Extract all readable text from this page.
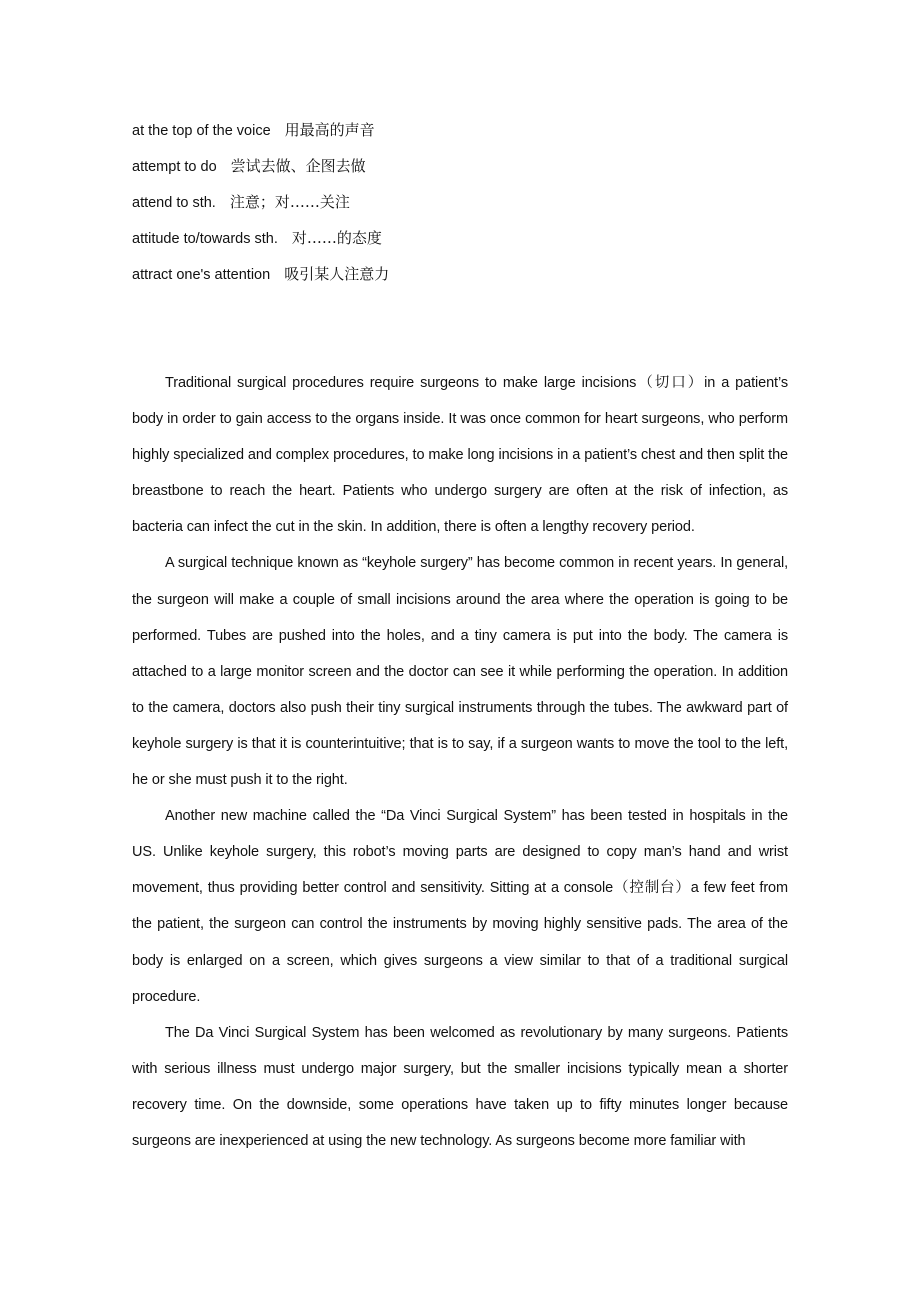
at the top of the voice 用最高的声音
attempt to do 尝试去做、企图去做
attend to sth. 注意；对……关注
attitude to/towards sth. 对……的态度
attract one's attention 吸引某人注意力

Traditional surgical procedures require surgeons to make large incisions（切口）in a patient’s body in order to gain access to the organs inside. It was once common for heart surgeons, who perform highly specialized and complex procedures, to make long incisions in a patient’s chest and then split the breastbone to reach the heart. Patients who undergo surgery are often at the risk of infection, as bacteria can infect the cut in the skin. In addition, there is often a lengthy recovery period.

A surgical technique known as “keyhole surgery” has become common in recent years. In general, the surgeon will make a couple of small incisions around the area where the operation is going to be performed. Tubes are pushed into the holes, and a tiny camera is put into the body. The camera is attached to a large monitor screen and the doctor can see it while performing the operation. In addition to the camera, doctors also push their tiny surgical instruments through the tubes. The awkward part of keyhole surgery is that it is counterintuitive; that is to say, if a surgeon wants to move the tool to the left, he or she must push it to the right.

Another new machine called the “Da Vinci Surgical System” has been tested in hospitals in the US. Unlike keyhole surgery, this robot’s moving parts are designed to copy man’s hand and wrist movement, thus providing better control and sensitivity. Sitting at a console（控制台）a few feet from the patient, the surgeon can control the instruments by moving highly sensitive pads. The area of the body is enlarged on a screen, which gives surgeons a view similar to that of a traditional surgical procedure.

The Da Vinci Surgical System has been welcomed as revolutionary by many surgeons. Patients with serious illness must undergo major surgery, but the smaller incisions typically mean a shorter recovery time. On the downside, some operations have taken up to fifty minutes longer because surgeons are inexperienced at using the new technology. As surgeons become more familiar with
